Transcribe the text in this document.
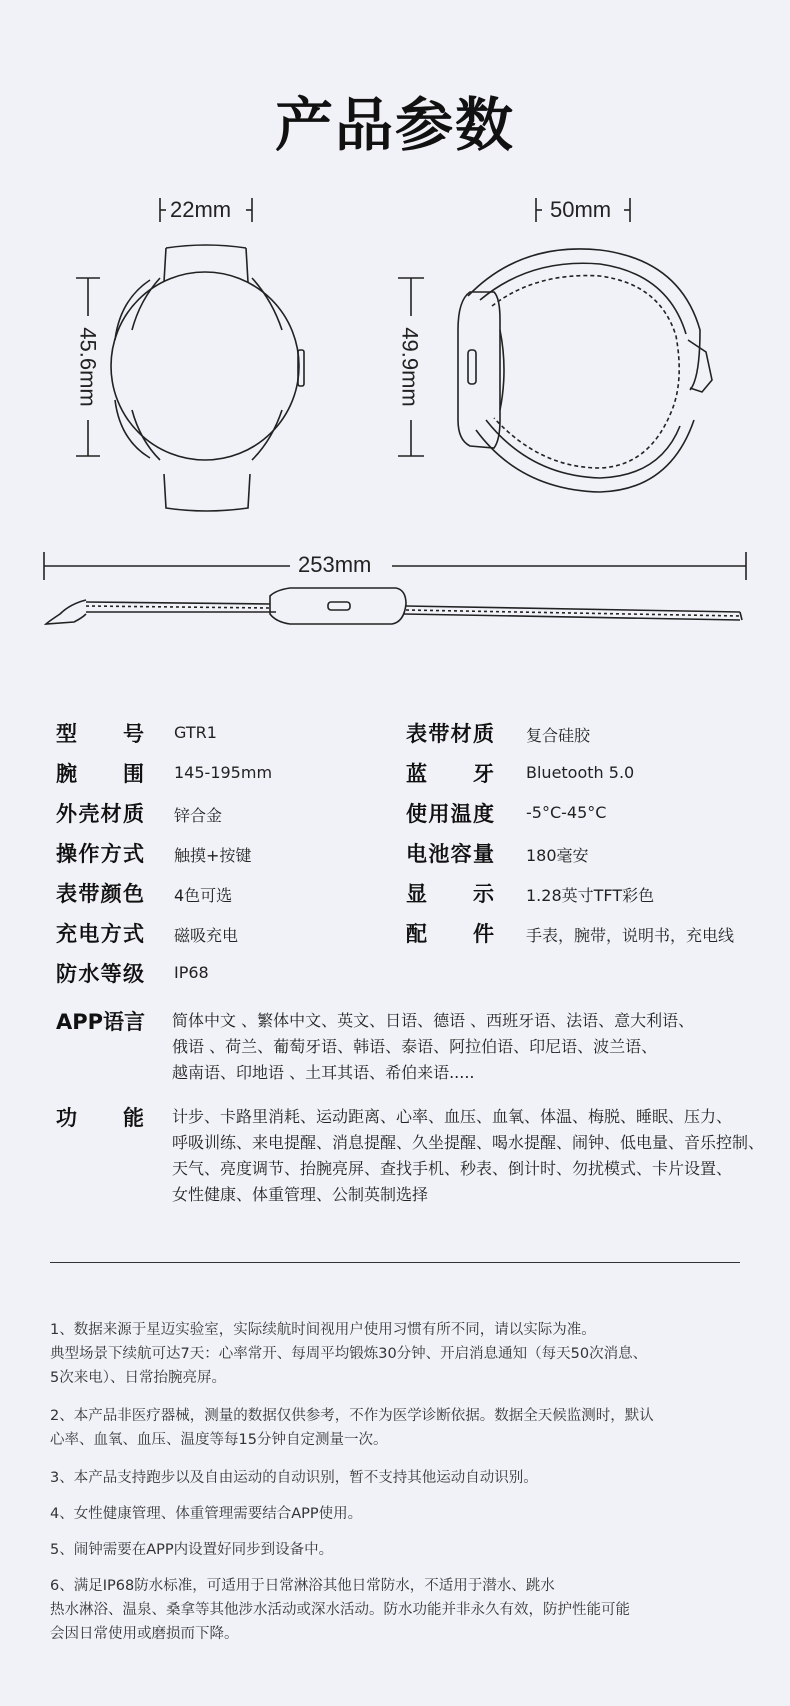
产品参数
22mm
45.6mm
50mm
49.9mm
253mm
型号 GTR1
腕围 145-195mm
外壳材质 锌合金
操作方式 触摸+按键
表带颜色 4色可选
充电方式 磁吸充电
防水等级 IP68
表带材质 复合硅胶
蓝牙 Bluetooth 5.0
使用温度 -5°C-45°C
电池容量 180毫安
显示 1.28英寸TFT彩色
配件 手表，腕带，说明书，充电线
APP语言 简体中文 、繁体中文、英文、日语、德语 、西班牙语、法语、意大利语、
俄语 、荷兰、葡萄牙语、韩语、泰语、阿拉伯语、印尼语、波兰语、
越南语、印地语 、土耳其语、希伯来语.....
功能 计步、卡路里消耗、运动距离、心率、血压、血氧、体温、梅脱、睡眠、压力、
呼吸训练、来电提醒、消息提醒、久坐提醒、喝水提醒、闹钟、低电量、音乐控制、
天气、亮度调节、抬腕亮屏、查找手机、秒表、倒计时、勿扰模式、卡片设置、
女性健康、体重管理、公制英制选择
1、数据来源于星迈实验室，实际续航时间视用户使用习惯有所不同，请以实际为准。
典型场景下续航可达7天：心率常开、每周平均锻炼30分钟、开启消息通知（每天50次消息、
5次来电）、日常抬腕亮屏。
2、本产品非医疗器械，测量的数据仅供参考，不作为医学诊断依据。数据全天候监测时，默认
心率、血氧、血压、温度等每15分钟自定测量一次。
3、本产品支持跑步以及自由运动的自动识别，暂不支持其他运动自动识别。
4、女性健康管理、体重管理需要结合APP使用。
5、闹钟需要在APP内设置好同步到设备中。
6、满足IP68防水标准，可适用于日常淋浴其他日常防水，不适用于潜水、跳水
热水淋浴、温泉、桑拿等其他涉水活动或深水活动。防水功能并非永久有效，防护性能可能
会因日常使用或磨损而下降。
